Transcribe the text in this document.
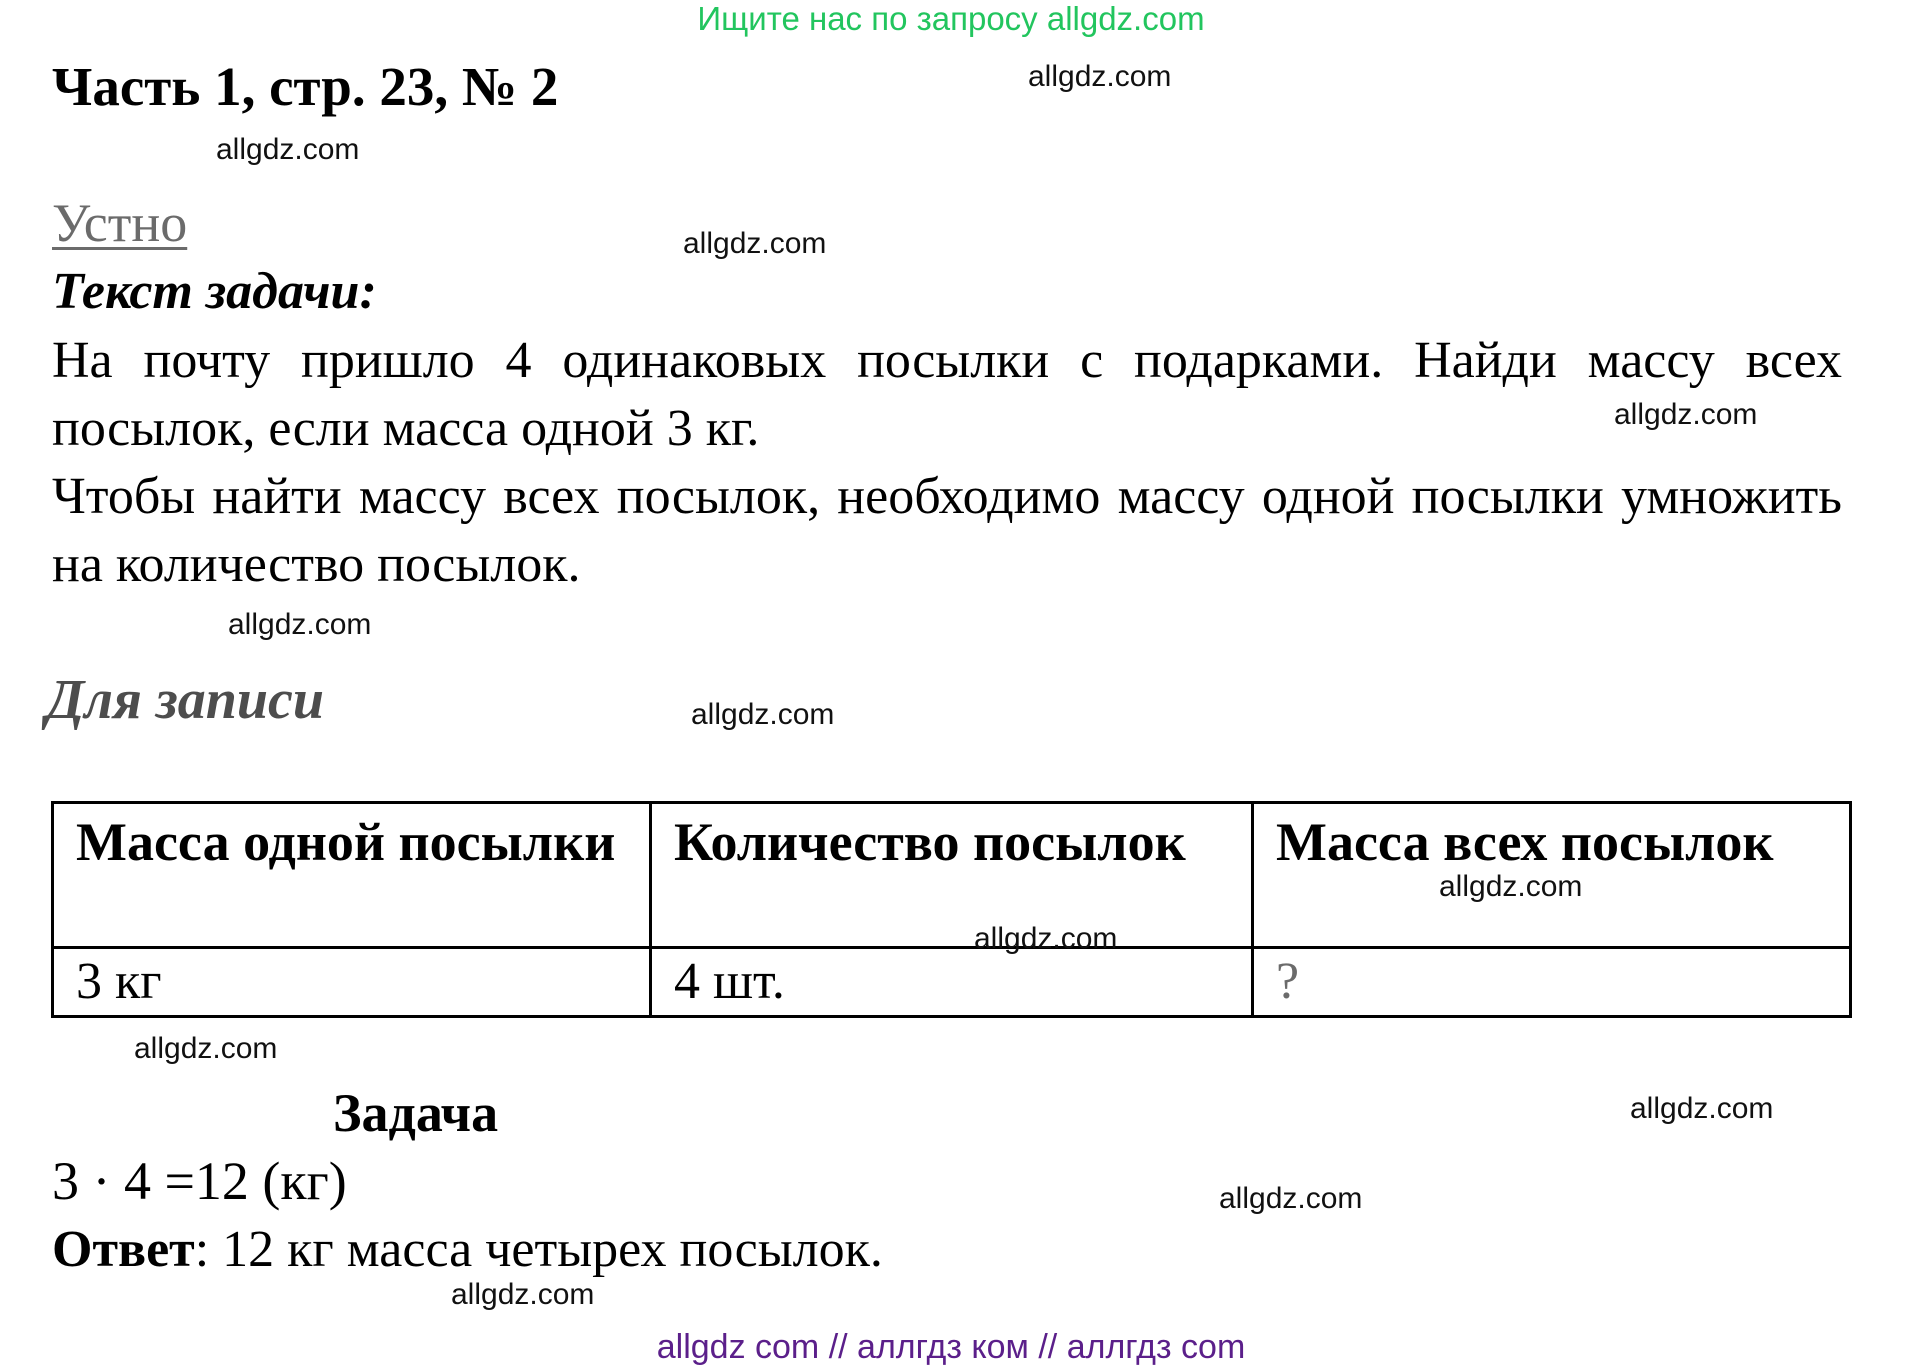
Ищите нас по запросу allgdz.com
Часть 1, стр. 23, № 2
Устно
Текст задачи:
На почту пришло 4 одинаковых посылки с подарками. Найди массу всех посылок, если масса одной 3 кг.
Чтобы найти массу всех посылок, необходимо массу одной посылки умножить на количество посылок.
Для записи
Масса одной посылки	Количество посылок	Масса всех посылок
3 кг	4 шт.	?
Задача
3 · 4 =12 (кг)
Ответ: 12 кг масса четырех посылок.
allgdz.com
allgdz.com
allgdz.com
allgdz.com
allgdz.com
allgdz.com
allgdz.com
allgdz.com
allgdz.com
allgdz.com
allgdz.com
allgdz.com
allgdz com // аллгдз ком // аллгдз com
